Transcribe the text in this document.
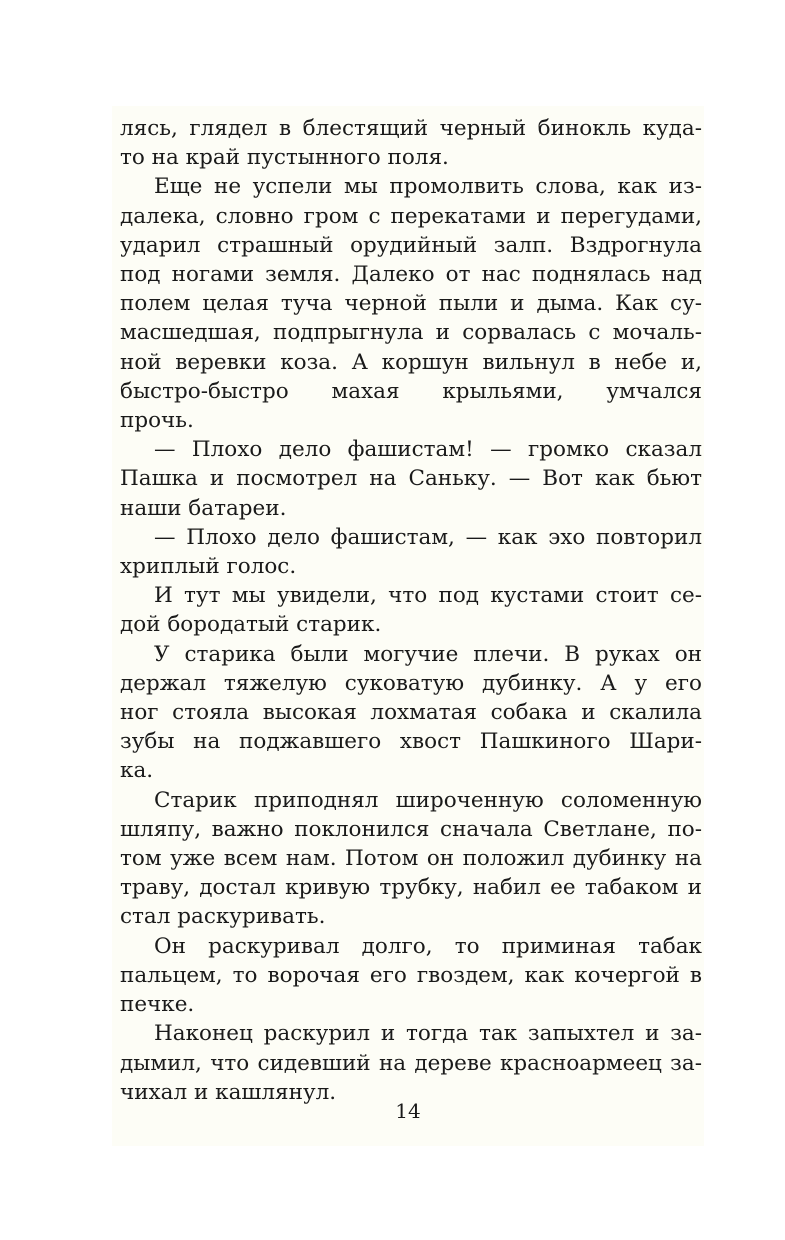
лясь, глядел в блестящий черный бинокль куда-
то на край пустынного поля.

Еще не успели мы промолвить слова, как из-
далека, словно гром с перекатами и перегудами,
ударил страшный орудийный залп. Вздрогнула
под ногами земля. Далеко от нас поднялась над
полем целая туча черной пыли и дыма. Как су-
масшедшая, подпрыгнула и сорвалась с мочаль-
ной веревки коза. А коршун вильнул в небе и,
быстро-быстро махая крыльями, умчался
прочь.

— Плохо дело фашистам! — громко сказал
Пашка и посмотрел на Саньку. — Вот как бьют
наши батареи.

— Плохо дело фашистам, — как эхо повторил
хриплый голос.

И тут мы увидели, что под кустами стоит се-
дой бородатый старик.

У старика были могучие плечи. В руках он
держал тяжелую суковатую дубинку. А у его
ног стояла высокая лохматая собака и скалила
зубы на поджавшего хвост Пашкиного Шари-
ка.

Старик приподнял широченную соломенную
шляпу, важно поклонился сначала Светлане, по-
том уже всем нам. Потом он положил дубинку на
траву, достал кривую трубку, набил ее табаком и
стал раскуривать.

Он раскуривал долго, то приминая табак
пальцем, то ворочая его гвоздем, как кочергой в
печке.

Наконец раскурил и тогда так запыхтел и за-
дымил, что сидевший на дереве красноармеец за-
чихал и кашлянул.

14
